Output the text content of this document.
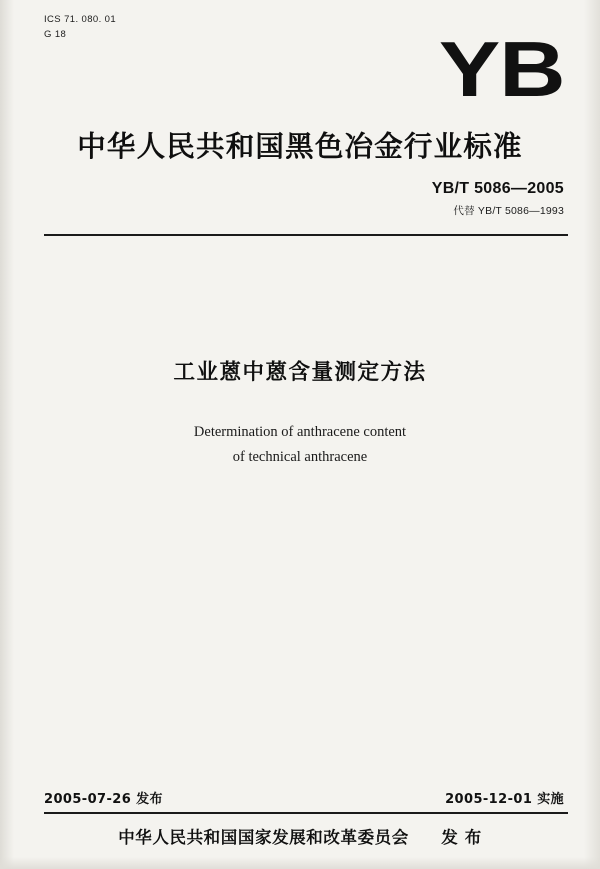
ICS 71. 080. 01
G 18	YB
中华人民共和国黑色冶金行业标准
YB/T 5086—2005
代替 YB/T 5086—1993
工业蒽中蒽含量测定方法
Determination of anthracene content
of technical anthracene
2005-07-26 发布	2005-12-01 实施
中华人民共和国国家发展和改革委员会 发 布
